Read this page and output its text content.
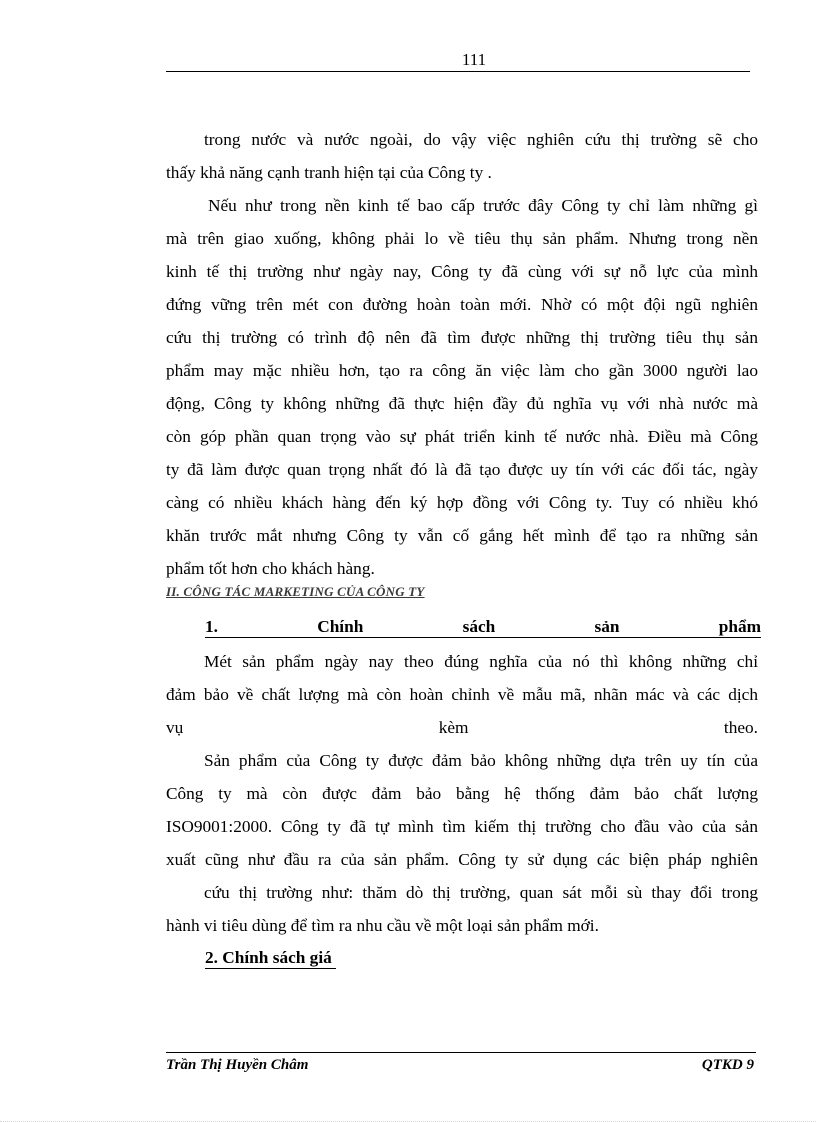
111
trong nước và nước ngoài, do vậy việc nghiên cứu thị trường sẽ cho
thấy khả năng cạnh tranh hiện tại của Công ty .
Nếu như trong nền kinh tế bao cấp trước đây Công ty chỉ làm những gì
mà trên giao xuống, không phải lo về tiêu thụ sản phẩm. Nhưng trong nền
kinh tế thị trường như ngày nay, Công ty đã cùng với sự nỗ lực của mình
đứng vững trên mét con đường hoàn toàn mới. Nhờ có một đội ngũ nghiên
cứu thị trường có trình độ nên đã tìm được những thị trường tiêu thụ sản
phẩm may mặc nhiều hơn, tạo ra công ăn việc làm cho gần 3000 người lao
động, Công ty không những đã thực hiện đầy đủ nghĩa vụ với nhà nước mà
còn góp phần quan trọng vào sự phát triển kinh tế nước nhà. Điều mà Công
ty đã làm được quan trọng nhất đó là đã tạo được uy tín với các đối tác, ngày
càng có nhiều khách hàng đến ký hợp đồng với Công ty. Tuy có nhiều khó
khăn trước mắt nhưng Công ty vẫn cố gắng hết mình để tạo ra những sản
phẩm tốt hơn cho khách hàng.
II. CÔNG TÁC MARKETING CỦA CÔNG TY
1. Chính sách sản phẩm
Mét sản phẩm ngày nay theo đúng nghĩa của nó thì không những chỉ
đảm bảo về chất lượng mà còn hoàn chỉnh về mẫu mã, nhãn mác và các dịch
vụ kèm theo.
Sản phẩm của Công ty được đảm bảo không những dựa trên uy tín của
Công ty mà còn được đảm bảo bằng hệ thống đảm bảo chất lượng
ISO9001:2000. Công ty đã tự mình tìm kiếm thị trường cho đầu vào của sản
xuất cũng như đầu ra của sản phẩm. Công ty sử dụng các biện pháp nghiên
cứu thị trường như: thăm dò thị trường, quan sát mỗi sù thay đổi trong
hành vi tiêu dùng để tìm ra nhu cầu về một loại sản phẩm mới.
2. Chính sách giá
Trần Thị Huyền Châm	QTKD 9
